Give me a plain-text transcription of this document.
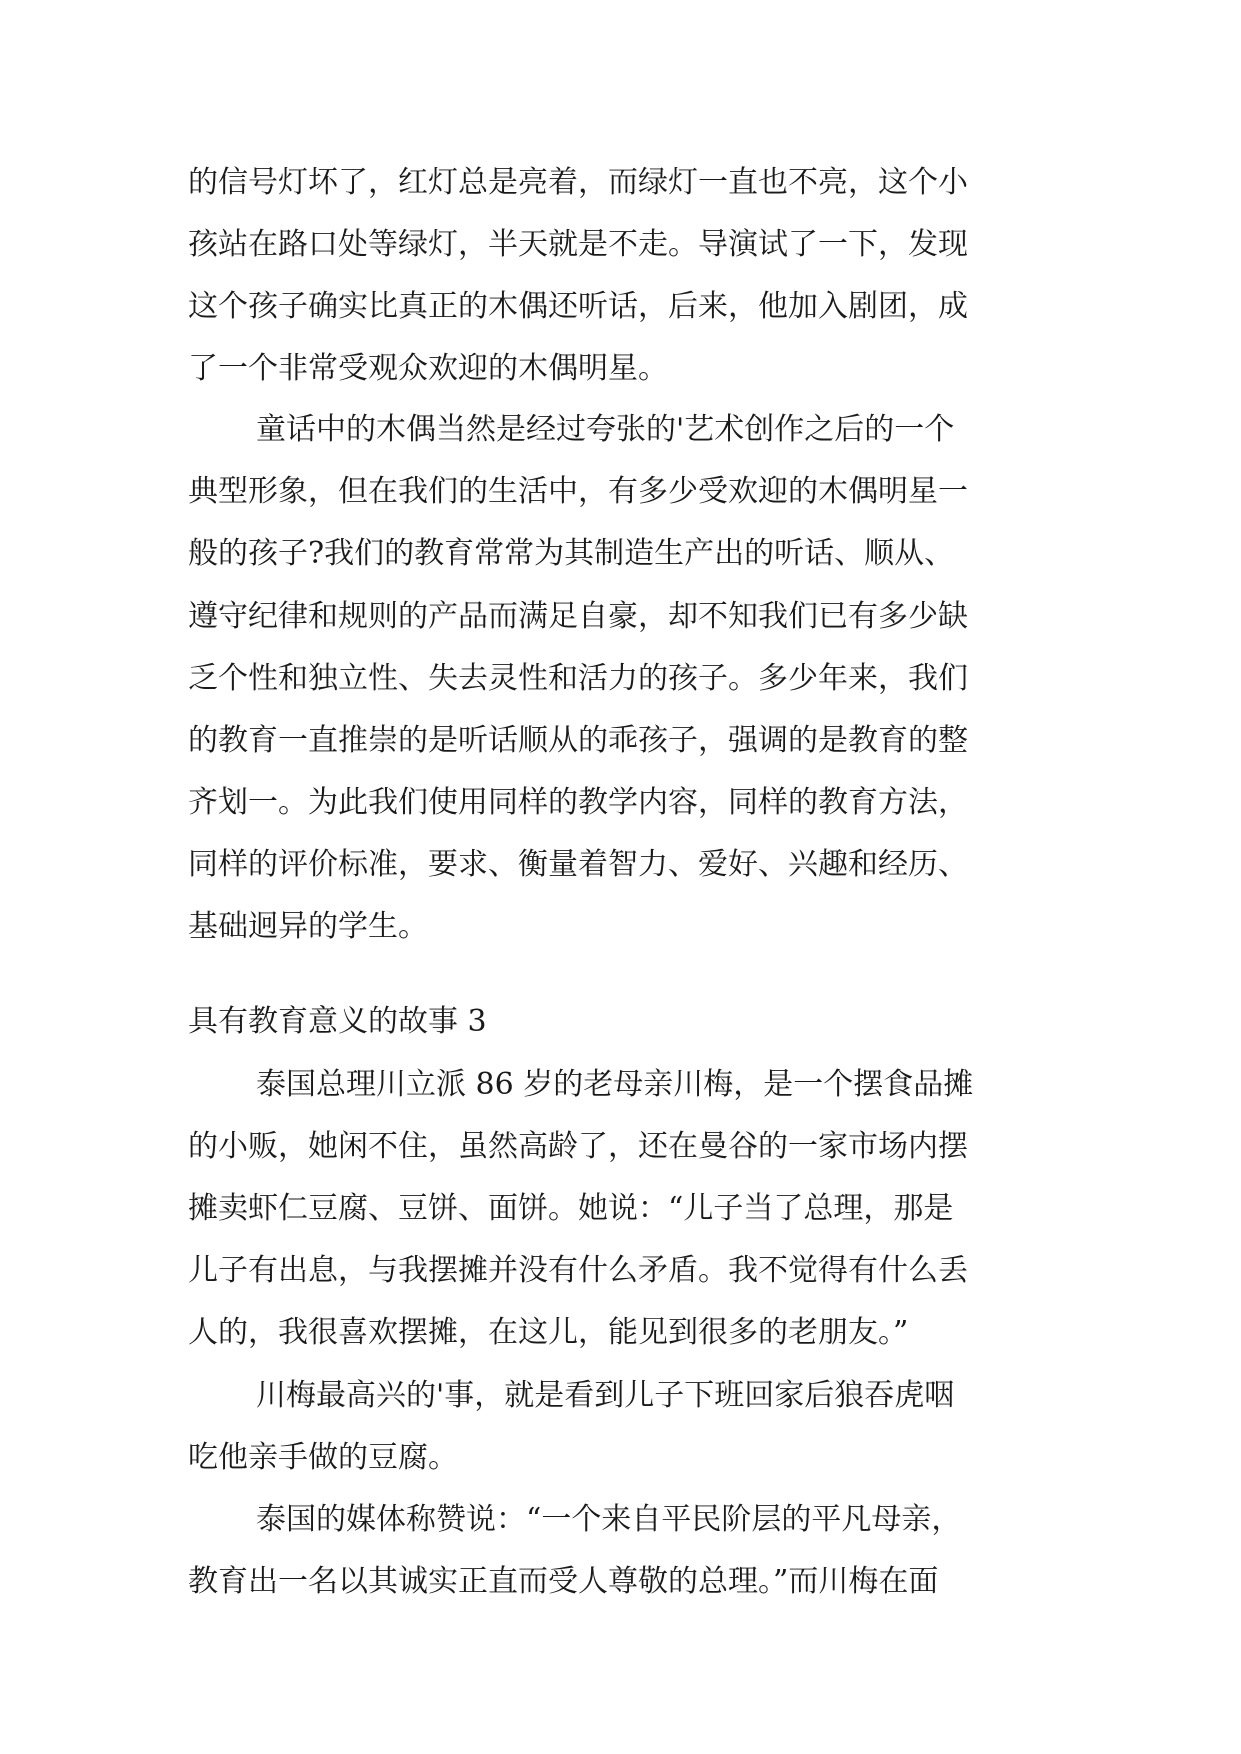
的信号灯坏了，红灯总是亮着，而绿灯一直也不亮，这个小

孩站在路口处等绿灯，半天就是不走。导演试了一下，发现

这个孩子确实比真正的木偶还听话，后来，他加入剧团，成

了一个非常受观众欢迎的木偶明星。

童话中的木偶当然是经过夸张的'艺术创作之后的一个

典型形象，但在我们的生活中，有多少受欢迎的木偶明星一

般的孩子?我们的教育常常为其制造生产出的听话、顺从、

遵守纪律和规则的产品而满足自豪，却不知我们已有多少缺

乏个性和独立性、失去灵性和活力的孩子。多少年来，我们

的教育一直推崇的是听话顺从的乖孩子，强调的是教育的整

齐划一。为此我们使用同样的教学内容，同样的教育方法，

同样的评价标准，要求、衡量着智力、爱好、兴趣和经历、

基础迥异的学生。

具有教育意义的故事 3

泰国总理川立派 86 岁的老母亲川梅，是一个摆食品摊

的小贩，她闲不住，虽然高龄了，还在曼谷的一家市场内摆

摊卖虾仁豆腐、豆饼、面饼。她说：“儿子当了总理，那是

儿子有出息，与我摆摊并没有什么矛盾。我不觉得有什么丢

人的，我很喜欢摆摊，在这儿，能见到很多的老朋友。”

川梅最高兴的'事，就是看到儿子下班回家后狼吞虎咽

吃他亲手做的豆腐。

泰国的媒体称赞说：“一个来自平民阶层的平凡母亲，

教育出一名以其诚实正直而受人尊敬的总理。”而川梅在面
